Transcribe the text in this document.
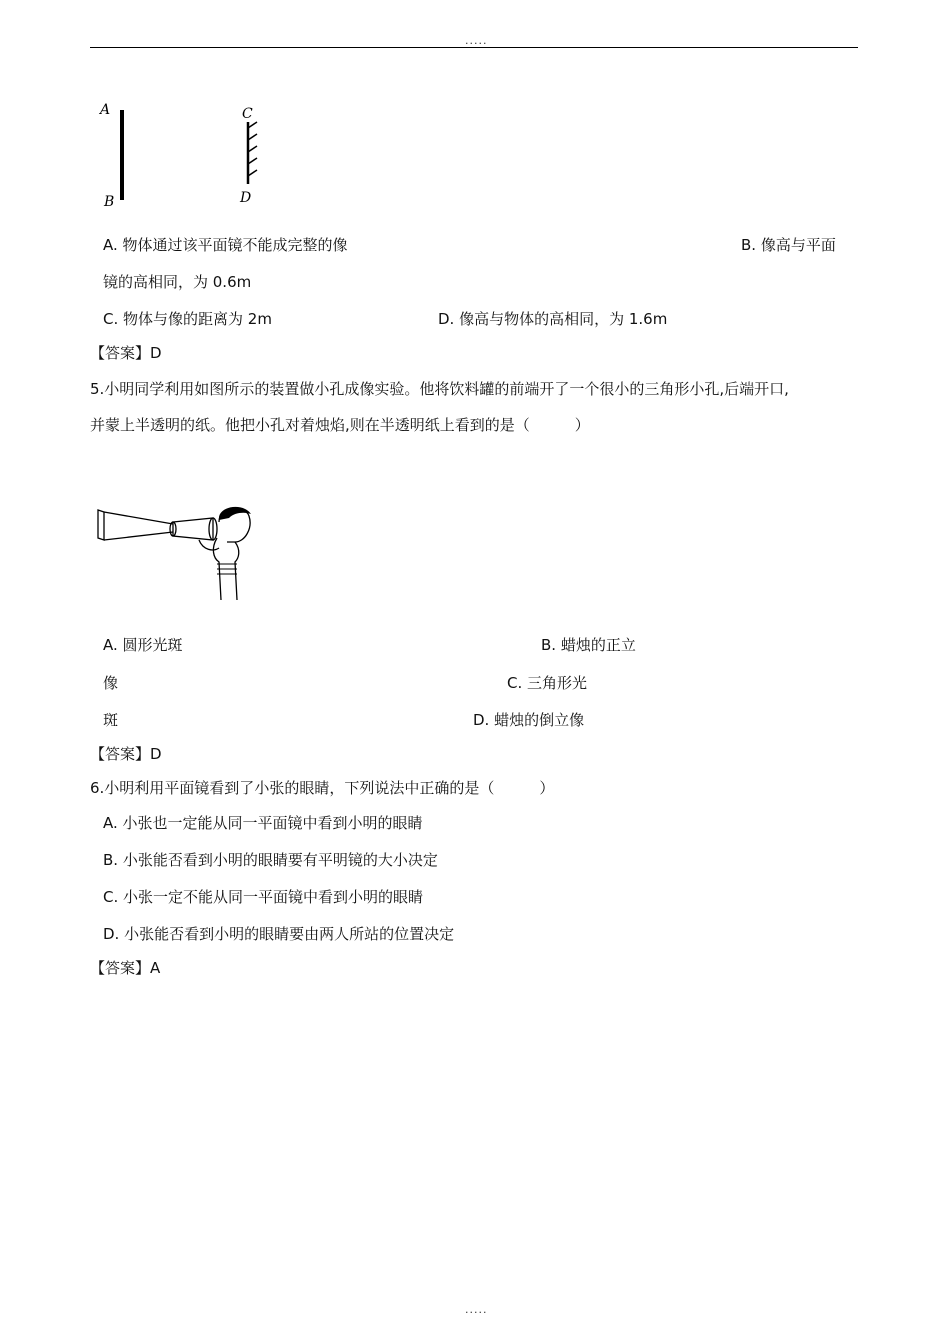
.....
A
B
C
D
A. 物体通过该平面镜不能成完整的像	B. 像高与平面
镜的高相同，为 0.6m
C. 物体与像的距离为 2m	D. 像高与物体的高相同，为 1.6m
【答案】D
5.小明同学利用如图所示的装置做小孔成像实验。他将饮料罐的前端开了一个很小的三角形小孔,后端开口,
并蒙上半透明的纸。他把小孔对着烛焰,则在半透明纸上看到的是（　　　）
A. 圆形光斑	B. 蜡烛的正立
像	C. 三角形光
斑	D. 蜡烛的倒立像
【答案】D
6.小明利用平面镜看到了小张的眼睛，下列说法中正确的是（　　　）
A. 小张也一定能从同一平面镜中看到小明的眼睛
B. 小张能否看到小明的眼睛要有平明镜的大小决定
C. 小张一定不能从同一平面镜中看到小明的眼睛
D. 小张能否看到小明的眼睛要由两人所站的位置决定
【答案】A
.....
